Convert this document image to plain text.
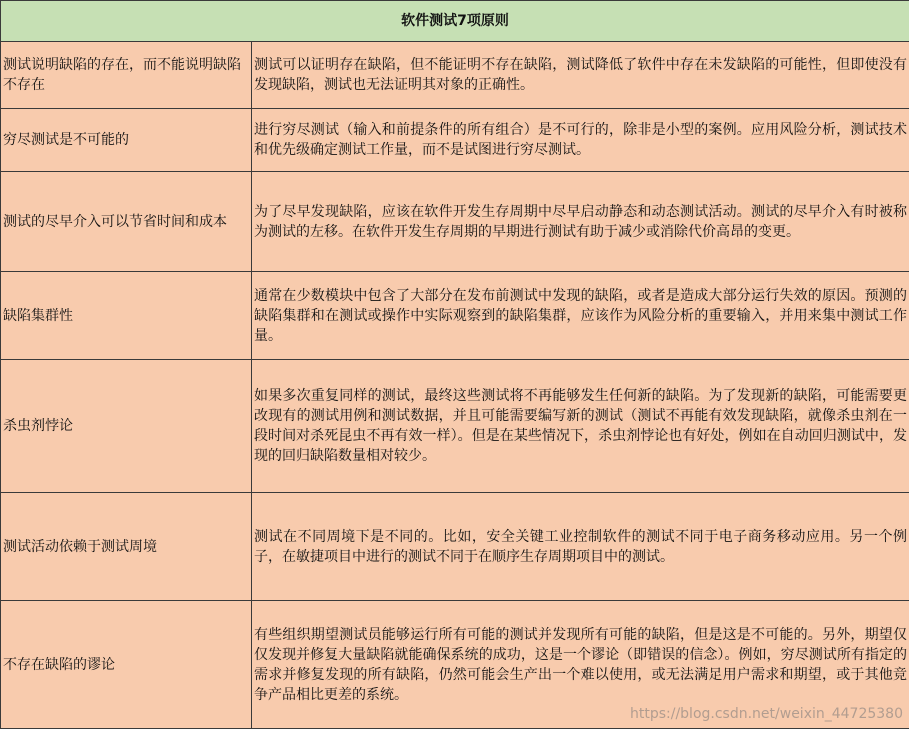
软件测试7项原则	
测试说明缺陷的存在，而不能说明缺陷不存在	测试可以证明存在缺陷，但不能证明不存在缺陷，测试降低了软件中存在未发缺陷的可能性，但即使没有发现缺陷，测试也无法证明其对象的正确性。
穷尽测试是不可能的	进行穷尽测试（输入和前提条件的所有组合）是不可行的，除非是小型的案例。应用风险分析，测试技术和优先级确定测试工作量，而不是试图进行穷尽测试。
测试的尽早介入可以节省时间和成本	为了尽早发现缺陷，应该在软件开发生存周期中尽早启动静态和动态测试活动。测试的尽早介入有时被称为测试的左移。在软件开发生存周期的早期进行测试有助于减少或消除代价高昂的变更。
缺陷集群性	通常在少数模块中包含了大部分在发布前测试中发现的缺陷，或者是造成大部分运行失效的原因。预测的缺陷集群和在测试或操作中实际观察到的缺陷集群，应该作为风险分析的重要输入，并用来集中测试工作量。
杀虫剂悖论	如果多次重复同样的测试，最终这些测试将不再能够发生任何新的缺陷。为了发现新的缺陷，可能需要更改现有的测试用例和测试数据，并且可能需要编写新的测试（测试不再能有效发现缺陷，就像杀虫剂在一段时间对杀死昆虫不再有效一样）。但是在某些情况下，杀虫剂悖论也有好处，例如在自动回归测试中，发现的回归缺陷数量相对较少。
测试活动依赖于测试周境	测试在不同周境下是不同的。比如，安全关键工业控制软件的测试不同于电子商务移动应用。另一个例子，在敏捷项目中进行的测试不同于在顺序生存周期项目中的测试。
不存在缺陷的谬论	有些组织期望测试员能够运行所有可能的测试并发现所有可能的缺陷，但是这是不可能的。另外，期望仅仅发现并修复大量缺陷就能确保系统的成功，这是一个谬论（即错误的信念）。例如，穷尽测试所有指定的需求并修复发现的所有缺陷，仍然可能会生产出一个难以使用，或无法满足用户需求和期望，或于其他竞争产品相比更差的系统。
https://blog.csdn.net/weixin_44725380
